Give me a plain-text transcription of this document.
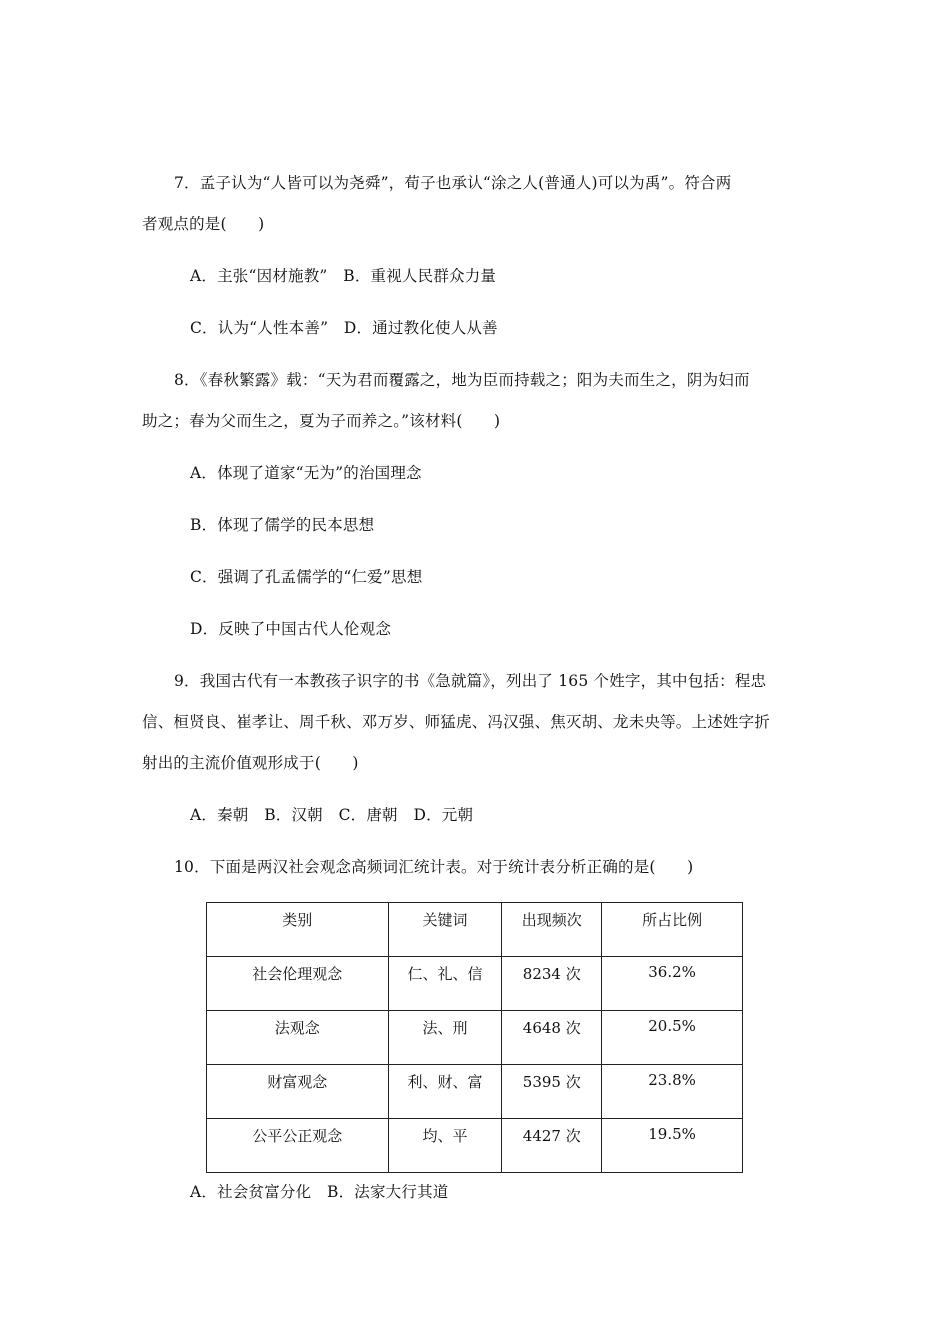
7．孟子认为“人皆可以为尧舜”，荀子也承认“涂之人(普通人)可以为禹”。符合两
者观点的是(　　)
A．主张“因材施教”　B．重视人民群众力量
C．认为“人性本善”　D．通过教化使人从善
8．《春秋繁露》载：“天为君而覆露之，地为臣而持载之；阳为夫而生之，阴为妇而
助之；春为父而生之，夏为子而养之。”该材料(　　)
A．体现了道家“无为”的治国理念
B．体现了儒学的民本思想
C．强调了孔孟儒学的“仁爱”思想
D．反映了中国古代人伦观念
9．我国古代有一本教孩子识字的书《急就篇》，列出了 165 个姓字，其中包括：程忠
信、桓贤良、崔孝让、周千秋、邓万岁、师猛虎、冯汉强、焦灭胡、龙未央等。上述姓字折
射出的主流价值观形成于(　　)
A．秦朝　B．汉朝　C．唐朝　D．元朝
10．下面是两汉社会观念高频词汇统计表。对于统计表分析正确的是(　　)
类别	关键词	出现频次	所占比例
社会伦理观念	仁、礼、信	8234 次	36.2%
法观念	法、刑	4648 次	20.5%
财富观念	利、财、富	5395 次	23.8%
公平公正观念	均、平	4427 次	19.5%
A．社会贫富分化　B．法家大行其道
